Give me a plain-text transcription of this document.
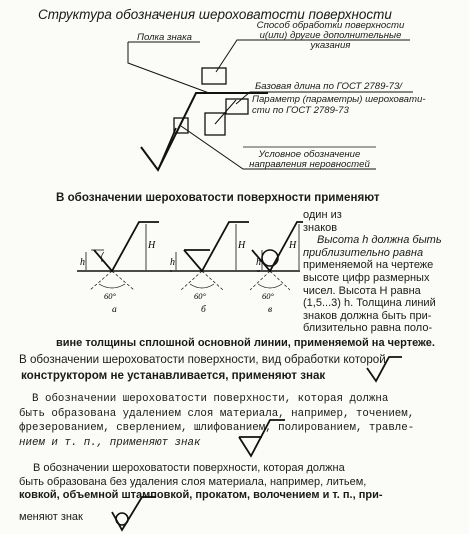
Структура обозначения шероховатости поверхности
Полка знака
Способ обработки поверхности
и(или) другие дополнительные
указания
Базовая длина по ГОСТ 2789-73/
Параметр (параметры) шероховати-
сти по ГОСТ 2789-73
Условное обозначение
направления неровностей
В обозначении шероховатости поверхности применяют
один из
знаков
Высота h должна быть
приблизительно равна
применяемой на чертеже
высоте цифр размерных
чисел. Высота H равна
(1,5...3) h. Толщина линий
знаков должна быть при-
близительно равна поло-
h	h	h
H	H	H
60°	60°	60°
а	б	в
вине толщины сплошной основной линии, применяемой на чертеже.
В обозначении шероховатости поверхности, вид обработки которой
конструктором не устанавливается, применяют знак
В обозначении шероховатости поверхности, которая должна
быть образована удалением слоя материала, например, точением,
фрезерованием, сверлением, шлифованием, полированием, травле-
нием и т. п., применяют знак
В обозначении шероховатости поверхности, которая должна
быть образована без удаления слоя материала, например, литьем,
ковкой, объемной штамповкой, прокатом, волочением и т. п., при-
меняют знак
